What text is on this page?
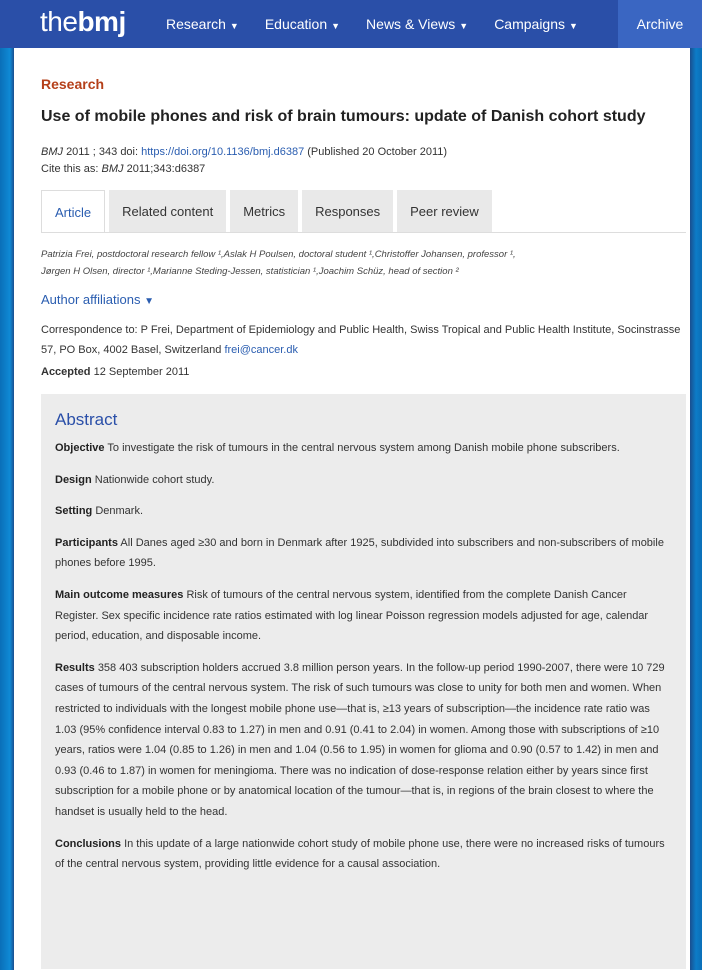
thebmj	Research ▼ Education ▼ News & Views ▼ Campaigns ▼	Archive
Research
Use of mobile phones and risk of brain tumours: update of Danish cohort study
BMJ 2011 ; 343 doi: https://doi.org/10.1136/bmj.d6387 (Published 20 October 2011)
Cite this as: BMJ 2011;343:d6387
Article	Related content	Metrics	Responses	Peer review
Patrizia Frei, postdoctoral research fellow ¹,Aslak H Poulsen, doctoral student ¹,Christoffer Johansen, professor ¹,
Jørgen H Olsen, director ¹,Marianne Steding-Jessen, statistician ¹,Joachim Schüz, head of section ²
Author affiliations ▼
Correspondence to: P Frei, Department of Epidemiology and Public Health, Swiss Tropical and Public Health Institute, Socinstrasse 57, PO Box, 4002 Basel, Switzerland frei@cancer.dk
Accepted 12 September 2011
Abstract

Objective To investigate the risk of tumours in the central nervous system among Danish mobile phone subscribers.

Design Nationwide cohort study.

Setting Denmark.

Participants All Danes aged ≥30 and born in Denmark after 1925, subdivided into subscribers and non-subscribers of mobile phones before 1995.

Main outcome measures Risk of tumours of the central nervous system, identified from the complete Danish Cancer Register. Sex specific incidence rate ratios estimated with log linear Poisson regression models adjusted for age, calendar period, education, and disposable income.

Results 358 403 subscription holders accrued 3.8 million person years. In the follow-up period 1990-2007, there were 10 729 cases of tumours of the central nervous system. The risk of such tumours was close to unity for both men and women. When restricted to individuals with the longest mobile phone use—that is, ≥13 years of subscription—the incidence rate ratio was 1.03 (95% confidence interval 0.83 to 1.27) in men and 0.91 (0.41 to 2.04) in women. Among those with subscriptions of ≥10 years, ratios were 1.04 (0.85 to 1.26) in men and 1.04 (0.56 to 1.95) in women for glioma and 0.90 (0.57 to 1.42) in men and 0.93 (0.46 to 1.87) in women for meningioma. There was no indication of dose-response relation either by years since first subscription for a mobile phone or by anatomical location of the tumour—that is, in regions of the brain closest to where the handset is usually held to the head.

Conclusions In this update of a large nationwide cohort study of mobile phone use, there were no increased risks of tumours of the central nervous system, providing little evidence for a causal association.
